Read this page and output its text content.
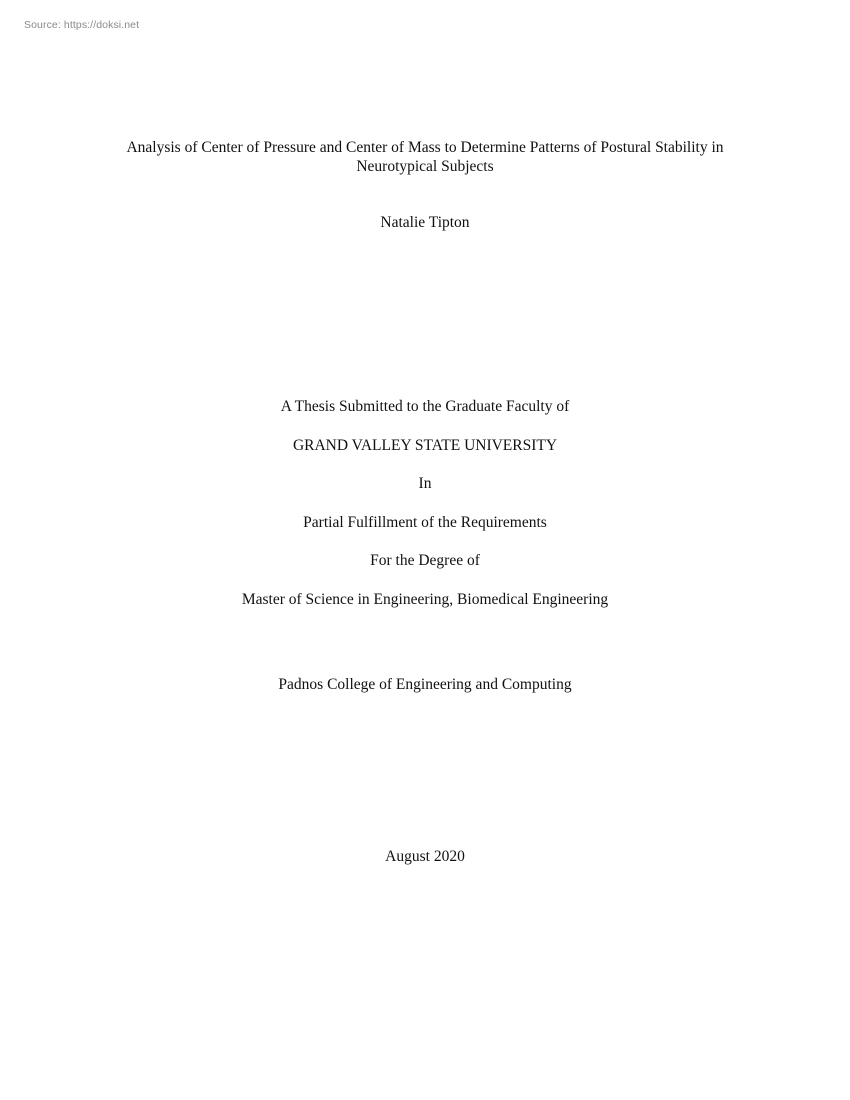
Source: https://doksi.net
Analysis of Center of Pressure and Center of Mass to Determine Patterns of Postural Stability in Neurotypical Subjects
Natalie Tipton
A Thesis Submitted to the Graduate Faculty of
GRAND VALLEY STATE UNIVERSITY
In
Partial Fulfillment of the Requirements
For the Degree of
Master of Science in Engineering, Biomedical Engineering
Padnos College of Engineering and Computing
August 2020
